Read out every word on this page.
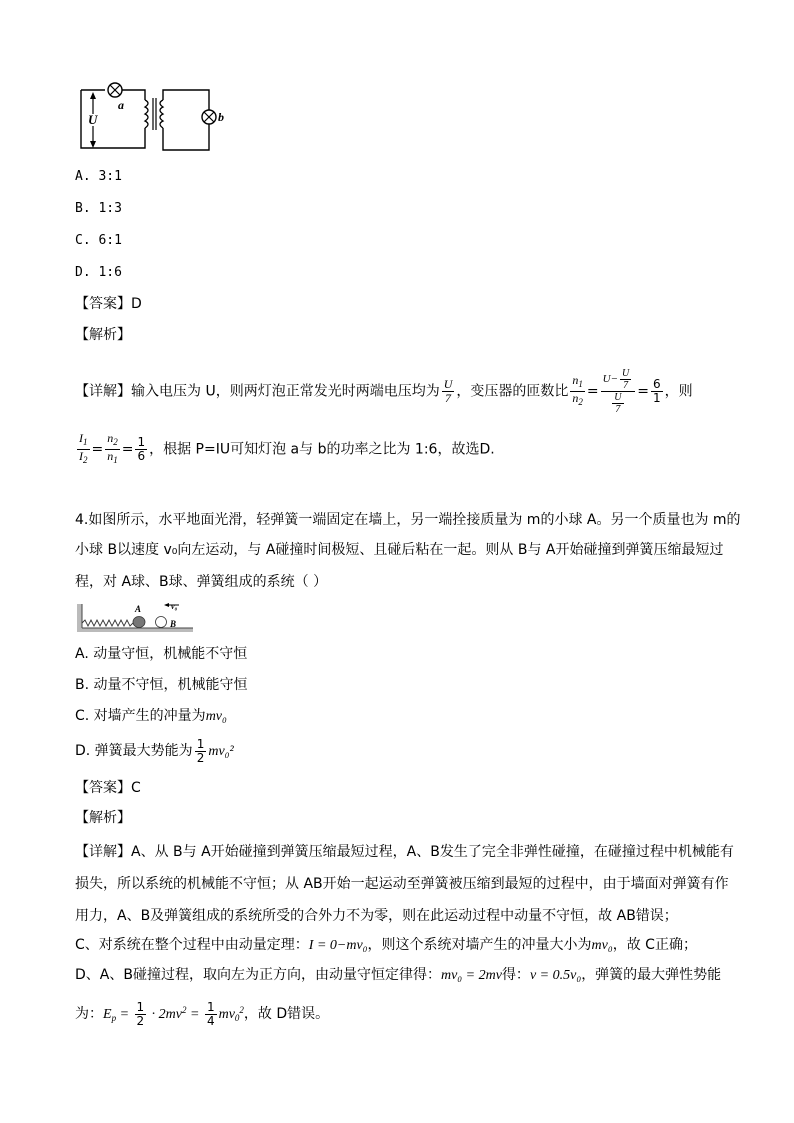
U
a
b
A. 3:1
B. 1:3
C. 6:1
D. 1:6
【答案】D
【解析】
【详解】输入电压为 U，则两灯泡正常发光时两端电压均为 $\frac{U}{7}$ ，变压器的匝数比 $\frac{n_1}{n_2} = \frac{U- \frac{U}{7}}{\frac{U}{7}} = \frac{6}{1}$ ，则
$\frac{I_1}{I_2} = \frac{n_2}{n_1} = \frac{1}{6}$ ，根据 P=IU可知灯泡 a与 b的功率之比为 1:6，故选D.
4.如图所示，水平地面光滑，轻弹簧一端固定在墙上，另一端拴接质量为 m的小球 A。另一个质量也为 m的
小球 B以速度 v₀向左运动，与 A碰撞时间极短、且碰后粘在一起。则从 B与 A开始碰撞到弹簧压缩最短过
程，对 A球、B球、弹簧组成的系统（ ）
A
B
v₀
A. 动量守恒，机械能不守恒
B. 动量不守恒，机械能守恒
C. 对墙产生的冲量为mv₀
D. 弹簧最大势能为 $\frac{1}{2} mv_0^2$
【答案】C
【解析】
【详解】A、从 B与 A开始碰撞到弹簧压缩最短过程，A、B发生了完全非弹性碰撞，在碰撞过程中机械能有
损失，所以系统的机械能不守恒；从 AB开始一起运动至弹簧被压缩到最短的过程中，由于墙面对弹簧有作
用力，A、B及弹簧组成的系统所受的合外力不为零，则在此运动过程中动量不守恒，故 AB错误；
C、对系统在整个过程中由动量定理：I = 0−mv₀，则这个系统对墙产生的冲量大小为mv₀，故 C正确；
D、A、B碰撞过程，取向左为正方向，由动量守恒定律得：mv₀ = 2mv得：v = 0.5v₀，弹簧的最大弹性势能
为：$E_p = \frac{1}{2} \cdot 2mv^2 = \frac{1}{4} mv_0^2$，故 D错误。
